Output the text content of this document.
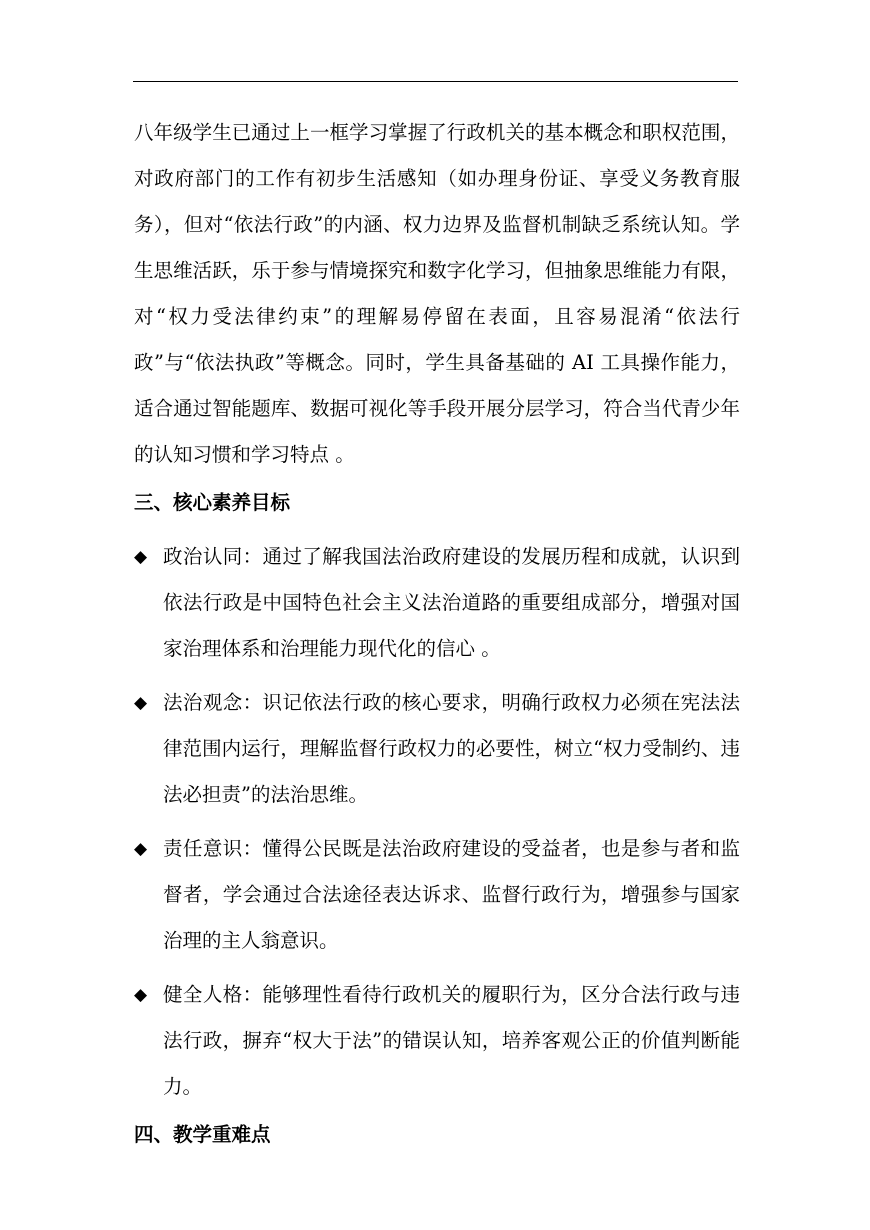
八年级学生已通过上一框学习掌握了行政机关的基本概念和职权范围，对政府部门的工作有初步生活感知（如办理身份证、享受义务教育服务），但对“依法行政”的内涵、权力边界及监督机制缺乏系统认知。学生思维活跃，乐于参与情境探究和数字化学习，但抽象思维能力有限，对“权力受法律约束”的理解易停留在表面，且容易混淆“依法行政”与“依法执政”等概念。同时，学生具备基础的 AI 工具操作能力，适合通过智能题库、数据可视化等手段开展分层学习，符合当代青少年的认知习惯和学习特点 。

三、核心素养目标
◆ 政治认同：通过了解我国法治政府建设的发展历程和成就，认识到依法行政是中国特色社会主义法治道路的重要组成部分，增强对国家治理体系和治理能力现代化的信心 。

◆ 法治观念：识记依法行政的核心要求，明确行政权力必须在宪法法律范围内运行，理解监督行政权力的必要性，树立“权力受制约、违法必担责”的法治思维。

◆ 责任意识：懂得公民既是法治政府建设的受益者，也是参与者和监督者，学会通过合法途径表达诉求、监督行政行为，增强参与国家治理的主人翁意识。

◆ 健全人格：能够理性看待行政机关的履职行为，区分合法行政与违法行政，摒弃“权大于法”的错误认知，培养客观公正的价值判断能力。

四、教学重难点
